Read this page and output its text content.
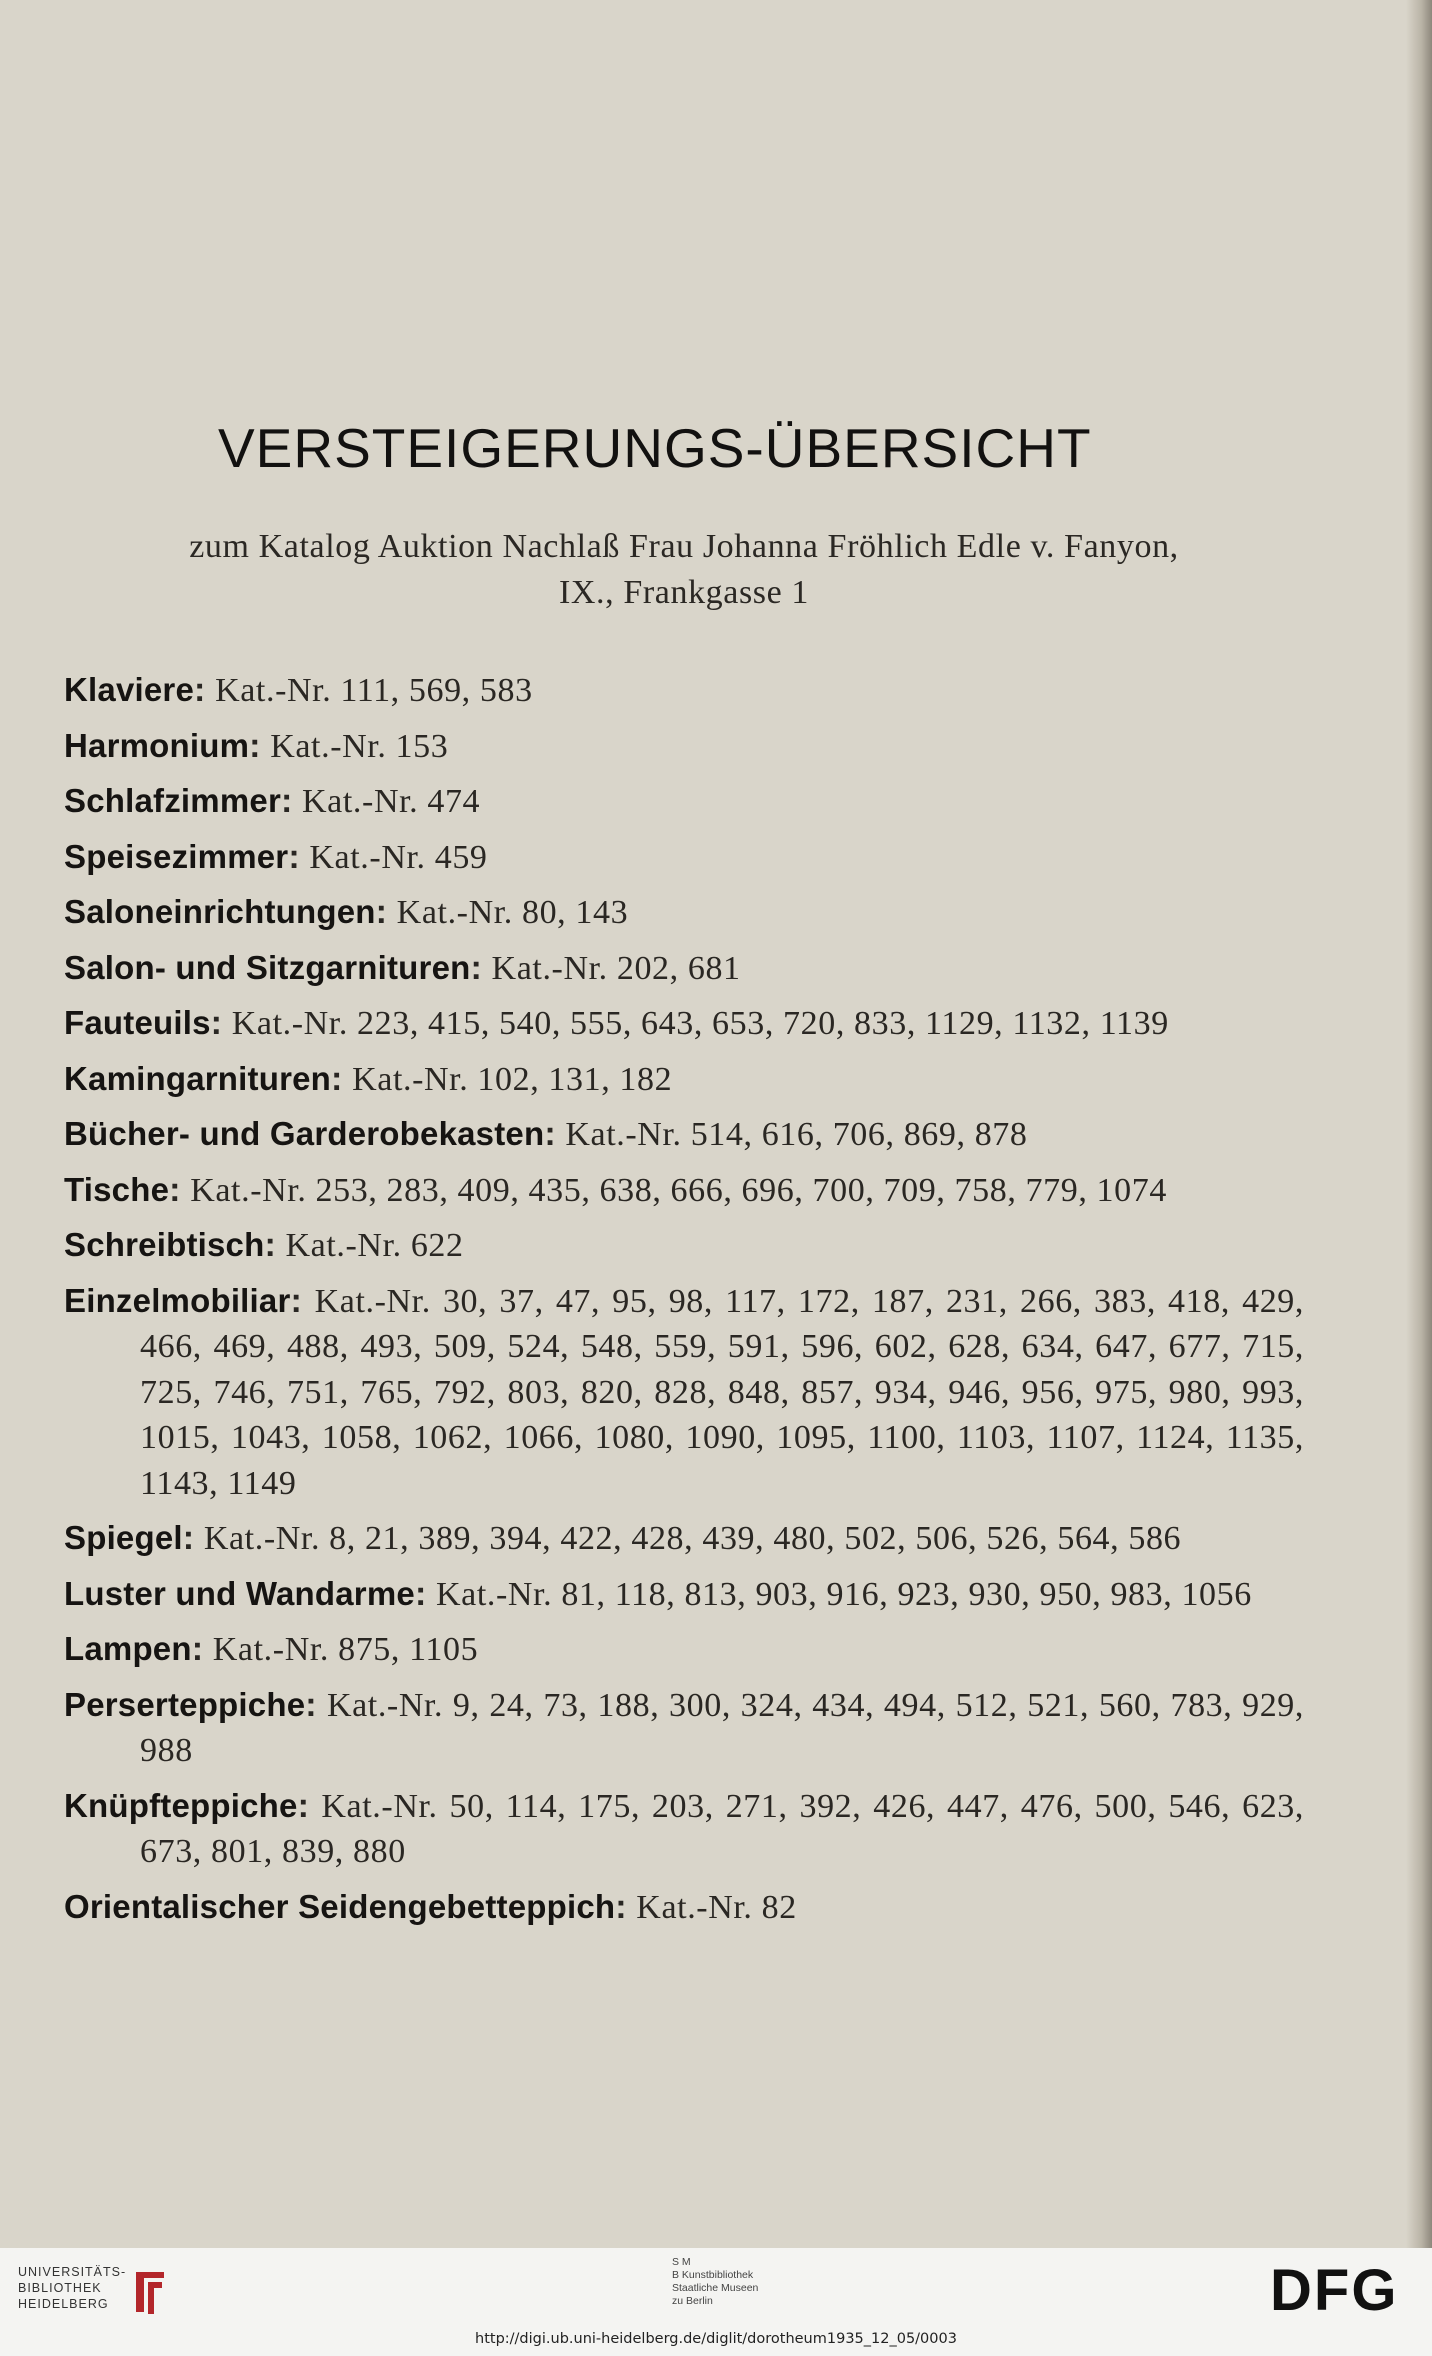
VERSTEIGERUNGS-ÜBERSICHT
zum Katalog Auktion Nachlaß Frau Johanna Fröhlich Edle v. Fanyon,
IX., Frankgasse 1
Klaviere: Kat.-Nr. 111, 569, 583
Harmonium: Kat.-Nr. 153
Schlafzimmer: Kat.-Nr. 474
Speisezimmer: Kat.-Nr. 459
Saloneinrichtungen: Kat.-Nr. 80, 143
Salon- und Sitzgarnituren: Kat.-Nr. 202, 681
Fauteuils: Kat.-Nr. 223, 415, 540, 555, 643, 653, 720, 833, 1129, 1132, 1139
Kamingarnituren: Kat.-Nr. 102, 131, 182
Bücher- und Garderobekasten: Kat.-Nr. 514, 616, 706, 869, 878
Tische: Kat.-Nr. 253, 283, 409, 435, 638, 666, 696, 700, 709, 758, 779, 1074
Schreibtisch: Kat.-Nr. 622
Einzelmobiliar: Kat.-Nr. 30, 37, 47, 95, 98, 117, 172, 187, 231, 266, 383, 418, 429, 466, 469, 488, 493, 509, 524, 548, 559, 591, 596, 602, 628, 634, 647, 677, 715, 725, 746, 751, 765, 792, 803, 820, 828, 848, 857, 934, 946, 956, 975, 980, 993, 1015, 1043, 1058, 1062, 1066, 1080, 1090, 1095, 1100, 1103, 1107, 1124, 1135, 1143, 1149
Spiegel: Kat.-Nr. 8, 21, 389, 394, 422, 428, 439, 480, 502, 506, 526, 564, 586
Luster und Wandarme: Kat.-Nr. 81, 118, 813, 903, 916, 923, 930, 950, 983, 1056
Lampen: Kat.-Nr. 875, 1105
Perserteppiche: Kat.-Nr. 9, 24, 73, 188, 300, 324, 434, 494, 512, 521, 560, 783, 929, 988
Knüpfteppiche: Kat.-Nr. 50, 114, 175, 203, 271, 392, 426, 447, 476, 500, 546, 623, 673, 801, 839, 880
Orientalischer Seidengebetteppich: Kat.-Nr. 82
UNIVERSITÄTS-
BIBLIOTHEK
HEIDELBERG
S M
B Kunstbibliothek
Staatliche Museen
zu Berlin	DFG
http://digi.ub.uni-heidelberg.de/diglit/dorotheum1935_12_05/0003
